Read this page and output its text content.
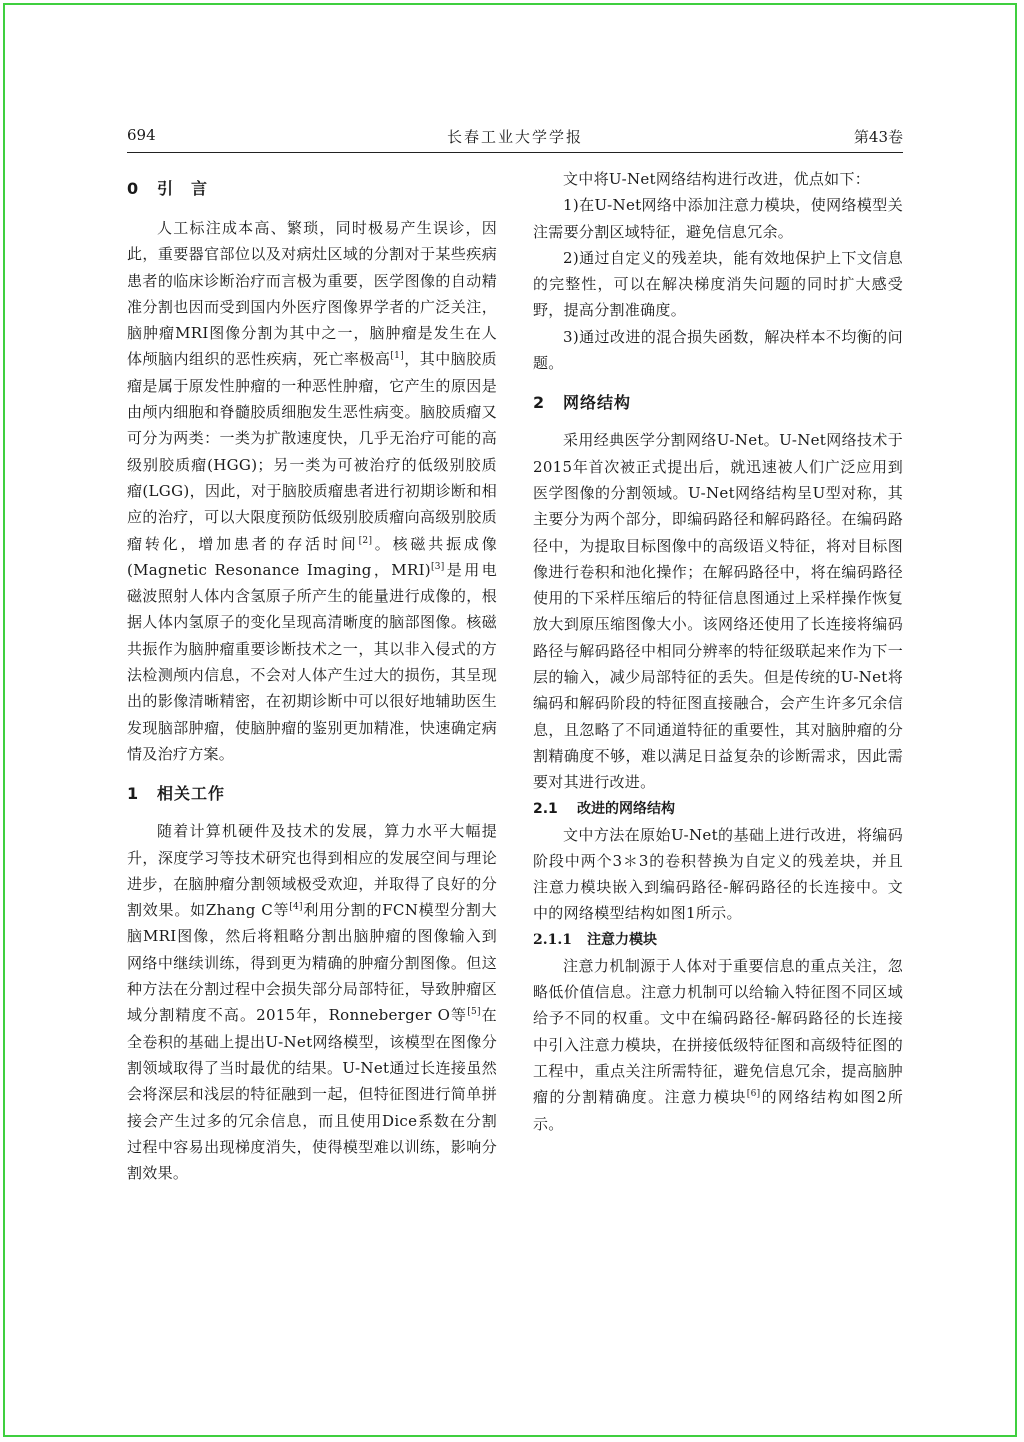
694	长春工业大学学报	第43卷
0 引　言

人工标注成本高、繁琐，同时极易产生误诊，因此，重要器官部位以及对病灶区域的分割对于某些疾病患者的临床诊断治疗而言极为重要，医学图像的自动精准分割也因而受到国内外医疗图像界学者的广泛关注，脑肿瘤MRI图像分割为其中之一，脑肿瘤是发生在人体颅脑内组织的恶性疾病，死亡率极高[1]，其中脑胶质瘤是属于原发性肿瘤的一种恶性肿瘤，它产生的原因是由颅内细胞和脊髓胶质细胞发生恶性病变。脑胶质瘤又可分为两类：一类为扩散速度快，几乎无治疗可能的高级别胶质瘤(HGG)；另一类为可被治疗的低级别胶质瘤(LGG)，因此，对于脑胶质瘤患者进行初期诊断和相应的治疗，可以大限度预防低级别胶质瘤向高级别胶质瘤转化，增加患者的存活时间[2]。核磁共振成像(Magnetic Resonance Imaging，MRI)[3]是用电磁波照射人体内含氢原子所产生的能量进行成像的，根据人体内氢原子的变化呈现高清晰度的脑部图像。核磁共振作为脑肿瘤重要诊断技术之一，其以非入侵式的方法检测颅内信息，不会对人体产生过大的损伤，其呈现出的影像清晰精密，在初期诊断中可以很好地辅助医生发现脑部肿瘤，使脑肿瘤的鉴别更加精准，快速确定病情及治疗方案。

1 相关工作

随着计算机硬件及技术的发展，算力水平大幅提升，深度学习等技术研究也得到相应的发展空间与理论进步，在脑肿瘤分割领域极受欢迎，并取得了良好的分割效果。如Zhang C等[4]利用分割的FCN模型分割大脑MRI图像，然后将粗略分割出脑肿瘤的图像输入到网络中继续训练，得到更为精确的肿瘤分割图像。但这种方法在分割过程中会损失部分局部特征，导致肿瘤区域分割精度不高。2015年，Ronneberger O等[5]在全卷积的基础上提出U-Net网络模型，该模型在图像分割领域取得了当时最优的结果。U-Net通过长连接虽然会将深层和浅层的特征融到一起，但特征图进行简单拼接会产生过多的冗余信息，而且使用Dice系数在分割过程中容易出现梯度消失，使得模型难以训练，影响分割效果。

文中将U-Net网络结构进行改进，优点如下：

1)在U-Net网络中添加注意力模块，使网络模型关注需要分割区域特征，避免信息冗余。

2)通过自定义的残差块，能有效地保护上下文信息的完整性，可以在解决梯度消失问题的同时扩大感受野，提高分割准确度。

3)通过改进的混合损失函数，解决样本不均衡的问题。

2 网络结构

采用经典医学分割网络U-Net。U-Net网络技术于2015年首次被正式提出后，就迅速被人们广泛应用到医学图像的分割领域。U-Net网络结构呈U型对称，其主要分为两个部分，即编码路径和解码路径。在编码路径中，为提取目标图像中的高级语义特征，将对目标图像进行卷积和池化操作；在解码路径中，将在编码路径使用的下采样压缩后的特征信息图通过上采样操作恢复放大到原压缩图像大小。该网络还使用了长连接将编码路径与解码路径中相同分辨率的特征级联起来作为下一层的输入，减少局部特征的丢失。但是传统的U-Net将编码和解码阶段的特征图直接融合，会产生许多冗余信息，且忽略了不同通道特征的重要性，其对脑肿瘤的分割精确度不够，难以满足日益复杂的诊断需求，因此需要对其进行改进。

2.1 改进的网络结构

文中方法在原始U-Net的基础上进行改进，将编码阶段中两个3＊3的卷积替换为自定义的残差块，并且注意力模块嵌入到编码路径-解码路径的长连接中。文中的网络模型结构如图1所示。

2.1.1 注意力模块

注意力机制源于人体对于重要信息的重点关注，忽略低价值信息。注意力机制可以给输入特征图不同区域给予不同的权重。文中在编码路径-解码路径的长连接中引入注意力模块，在拼接低级特征图和高级特征图的工程中，重点关注所需特征，避免信息冗余，提高脑肿瘤的分割精确度。注意力模块[6]的网络结构如图2所示。
